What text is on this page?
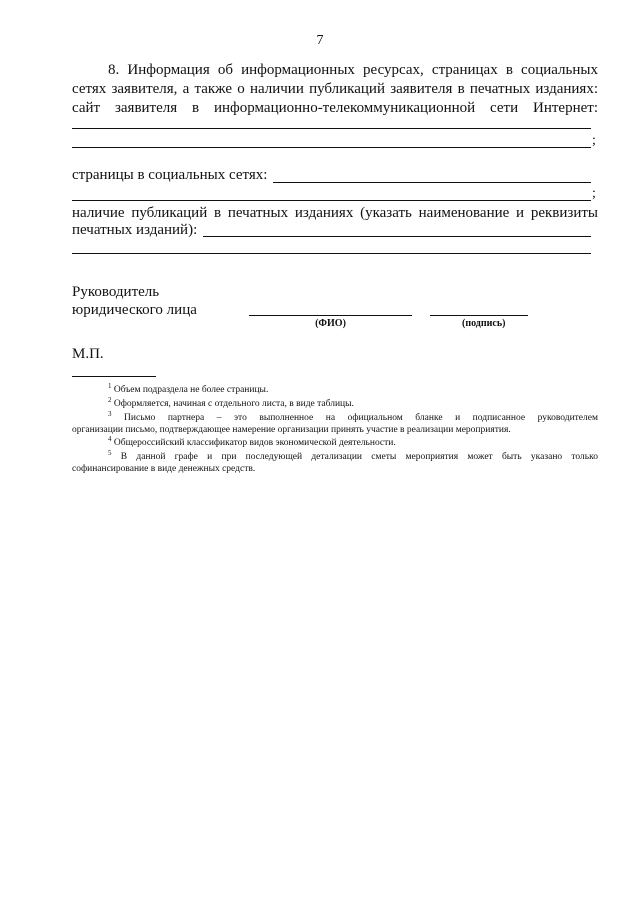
7
8. Информация об информационных ресурсах, страницах в социальных
сетях заявителя, а также о наличии публикаций заявителя в печатных изданиях:
сайт заявителя в информационно-телекоммуникационной сети Интернет:
;
страницы в социальных сетях:
;
наличие публикаций в печатных изданиях (указать наименование и реквизиты
печатных изданий):
Руководитель
юридического лица
(ФИО)	(подпись)
М.П.
$^1$ Объем подраздела не более страницы.
$^2$ Оформляется, начиная с отдельного листа, в виде таблицы.
$^3$ Письмо партнера – это выполненное на официальном бланке и подписанное руководителем
организации письмо, подтверждающее намерение организации принять участие в реализации мероприятия.
$^4$ Общероссийский классификатор видов экономической деятельности.
$^5$ В данной графе и при последующей детализации сметы мероприятия может быть указано только
софинансирование в виде денежных средств.
